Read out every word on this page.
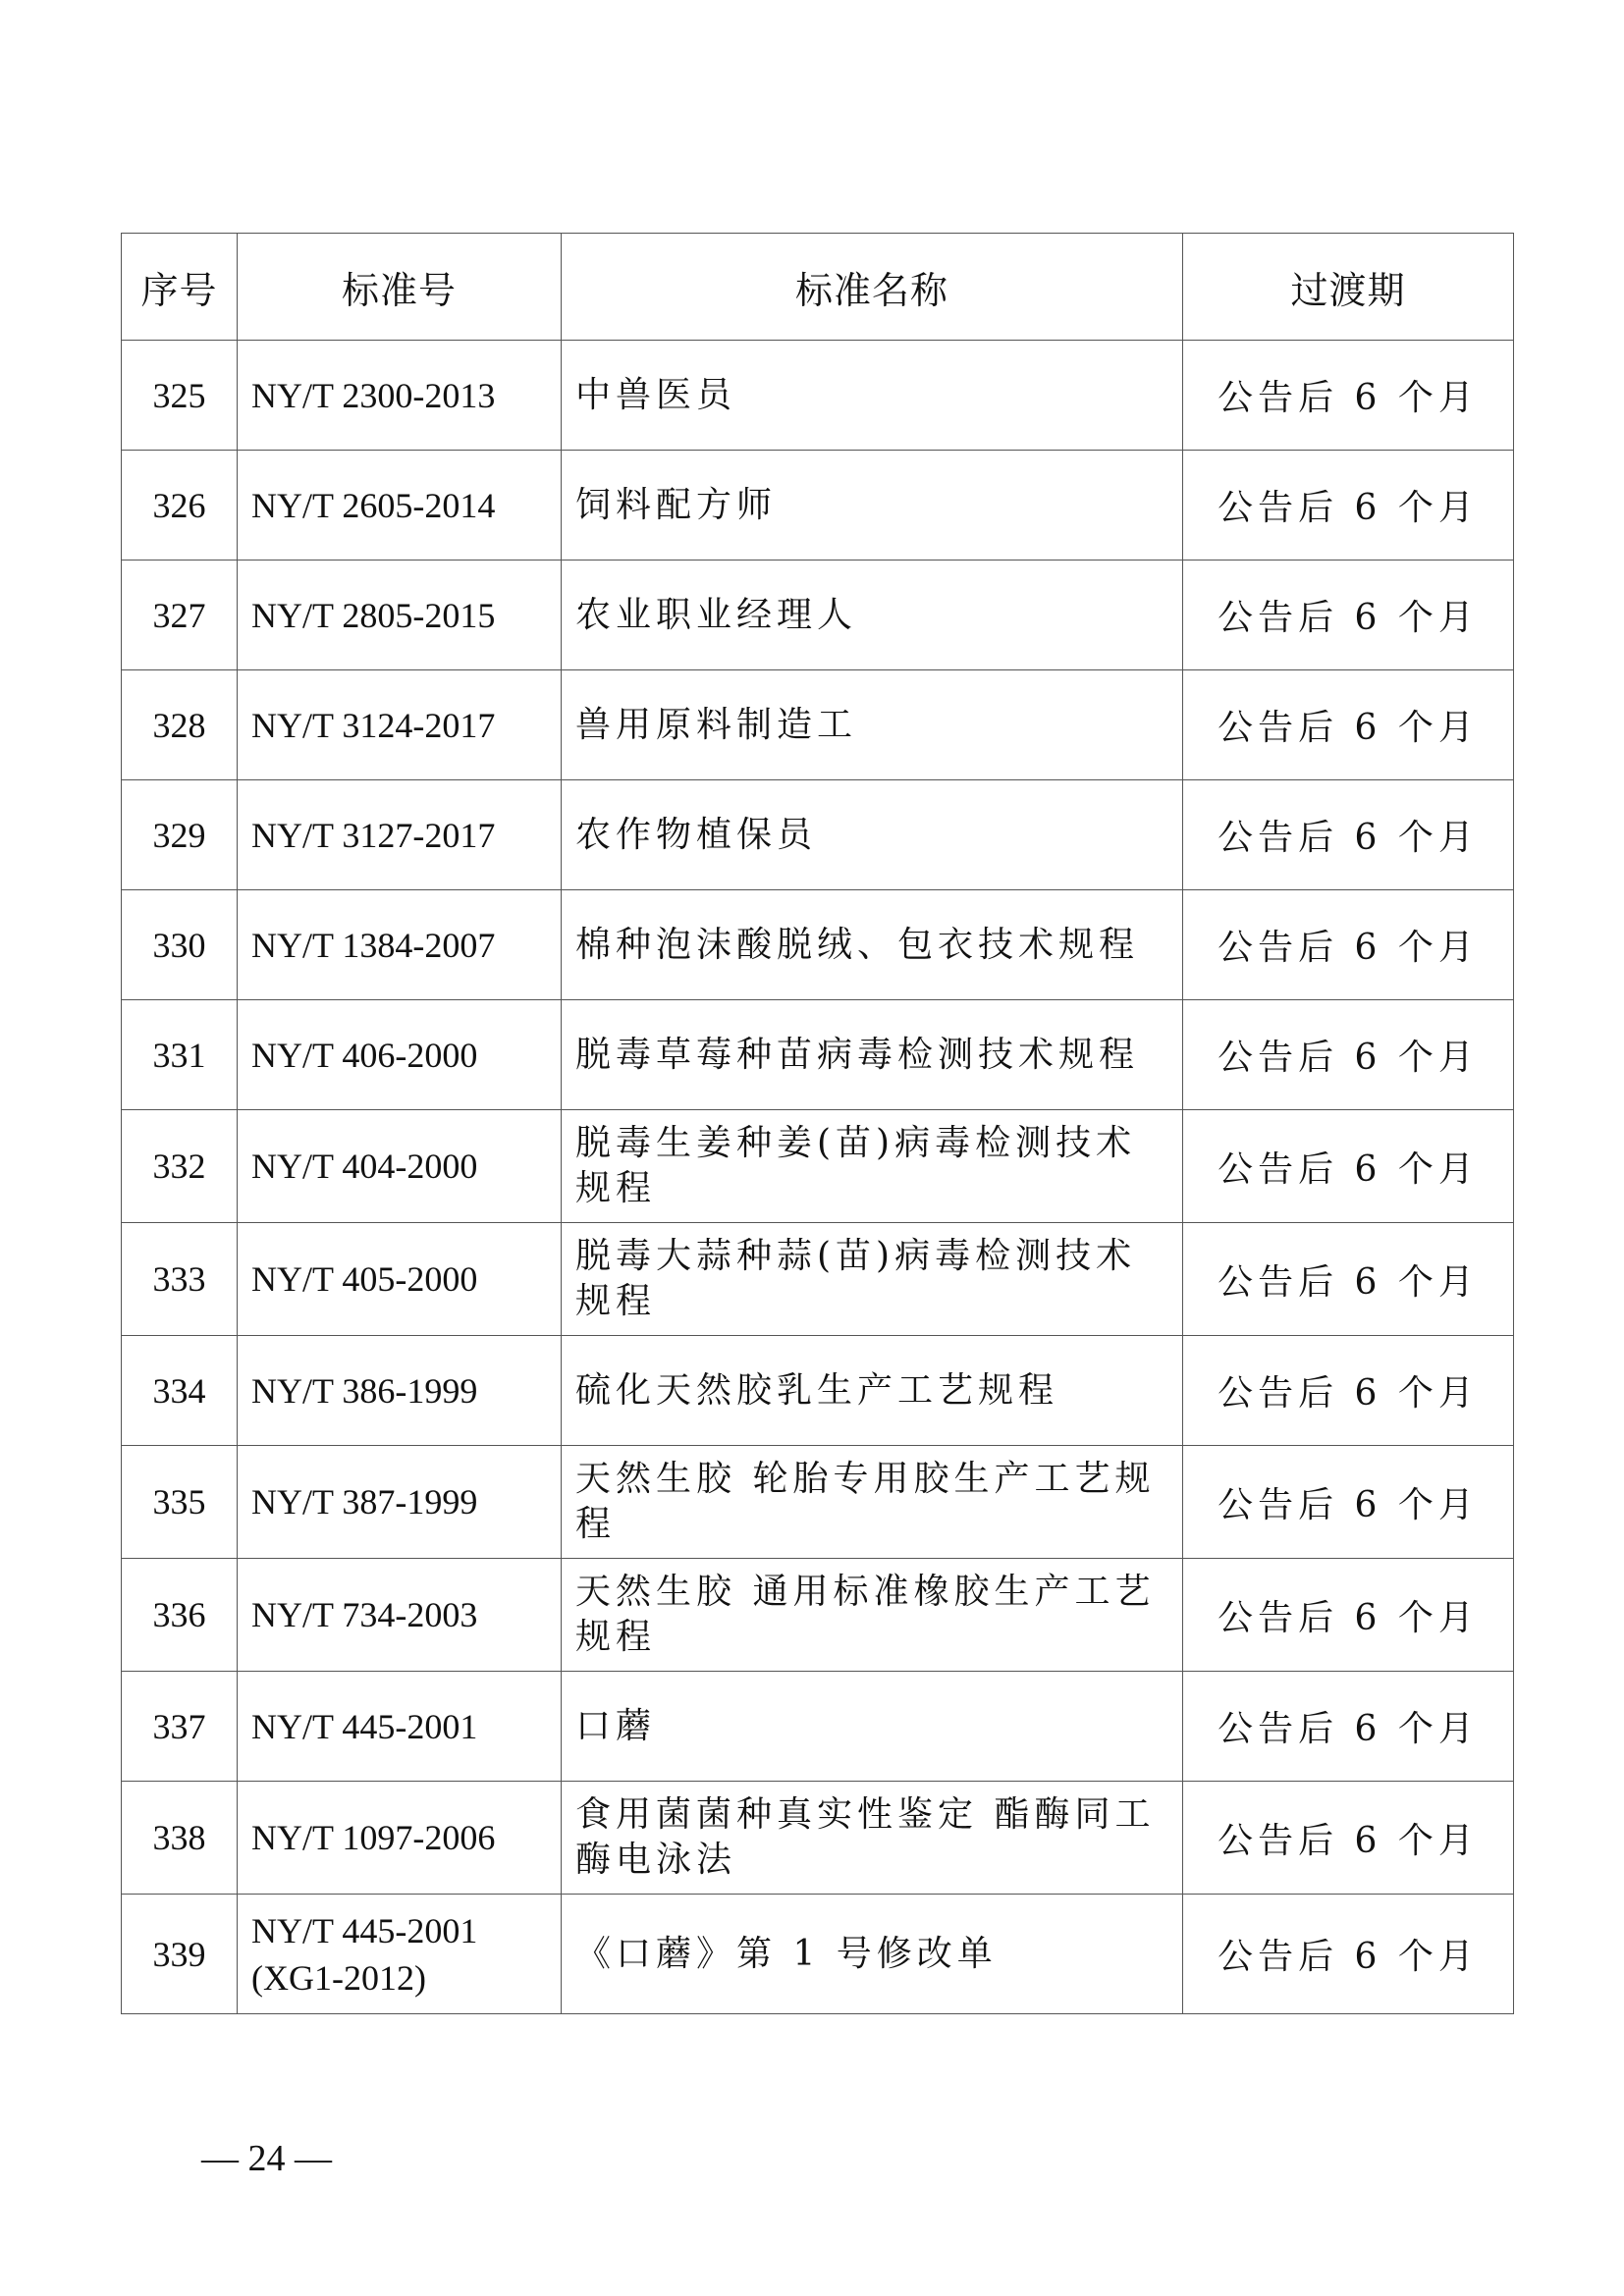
序号	标准号	标准名称	过渡期
325	NY/T 2300-2013	中兽医员	公告后 6 个月
326	NY/T 2605-2014	饲料配方师	公告后 6 个月
327	NY/T 2805-2015	农业职业经理人	公告后 6 个月
328	NY/T 3124-2017	兽用原料制造工	公告后 6 个月
329	NY/T 3127-2017	农作物植保员	公告后 6 个月
330	NY/T 1384-2007	棉种泡沫酸脱绒、包衣技术规程	公告后 6 个月
331	NY/T 406-2000	脱毒草莓种苗病毒检测技术规程	公告后 6 个月
332	NY/T 404-2000	脱毒生姜种姜(苗)病毒检测技术规程	公告后 6 个月
333	NY/T 405-2000	脱毒大蒜种蒜(苗)病毒检测技术规程	公告后 6 个月
334	NY/T 386-1999	硫化天然胶乳生产工艺规程	公告后 6 个月
335	NY/T 387-1999	天然生胶 轮胎专用胶生产工艺规程	公告后 6 个月
336	NY/T 734-2003	天然生胶 通用标准橡胶生产工艺规程	公告后 6 个月
337	NY/T 445-2001	口蘑	公告后 6 个月
338	NY/T 1097-2006	食用菌菌种真实性鉴定 酯酶同工酶电泳法	公告后 6 个月
339	NY/T 445-2001 (XG1-2012)	《口蘑》第 1 号修改单	公告后 6 个月
— 24 —
